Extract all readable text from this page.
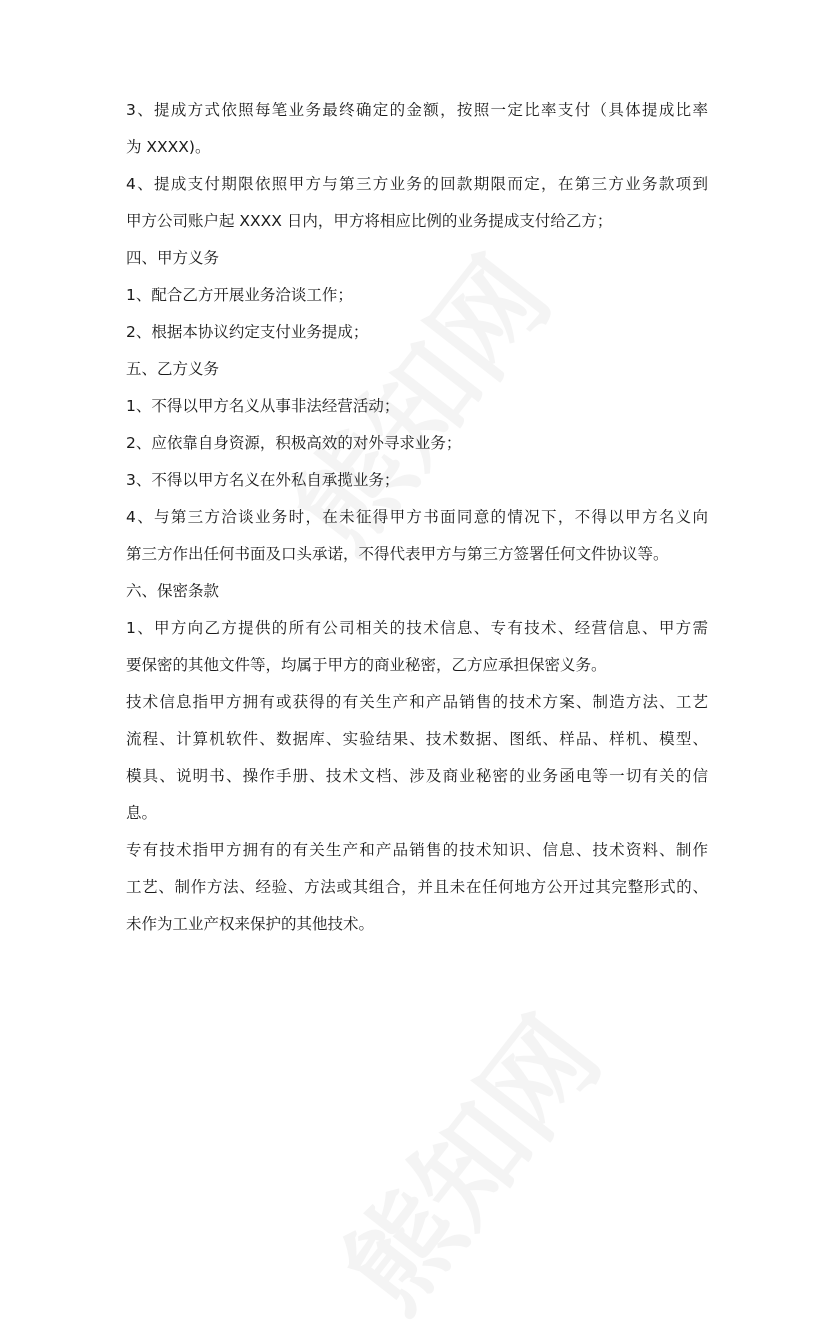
3、提成方式依照每笔业务最终确定的金额，按照一定比率支付（具体提成比率
为 XXXX)。
4、提成支付期限依照甲方与第三方业务的回款期限而定，在第三方业务款项到
甲方公司账户起 XXXX 日内，甲方将相应比例的业务提成支付给乙方；
四、甲方义务
1、配合乙方开展业务洽谈工作；
2、根据本协议约定支付业务提成；
五、乙方义务
1、不得以甲方名义从事非法经营活动；
2、应依靠自身资源，积极高效的对外寻求业务；
3、不得以甲方名义在外私自承揽业务；
4、与第三方洽谈业务时，在未征得甲方书面同意的情况下，不得以甲方名义向
第三方作出任何书面及口头承诺，不得代表甲方与第三方签署任何文件协议等。
六、保密条款
1、甲方向乙方提供的所有公司相关的技术信息、专有技术、经营信息、甲方需
要保密的其他文件等，均属于甲方的商业秘密，乙方应承担保密义务。
技术信息指甲方拥有或获得的有关生产和产品销售的技术方案、制造方法、工艺
流程、计算机软件、数据库、实验结果、技术数据、图纸、样品、样机、模型、
模具、说明书、操作手册、技术文档、涉及商业秘密的业务函电等一切有关的信
息。
专有技术指甲方拥有的有关生产和产品销售的技术知识、信息、技术资料、制作
工艺、制作方法、经验、方法或其组合，并且未在任何地方公开过其完整形式的、
未作为工业产权来保护的其他技术。
